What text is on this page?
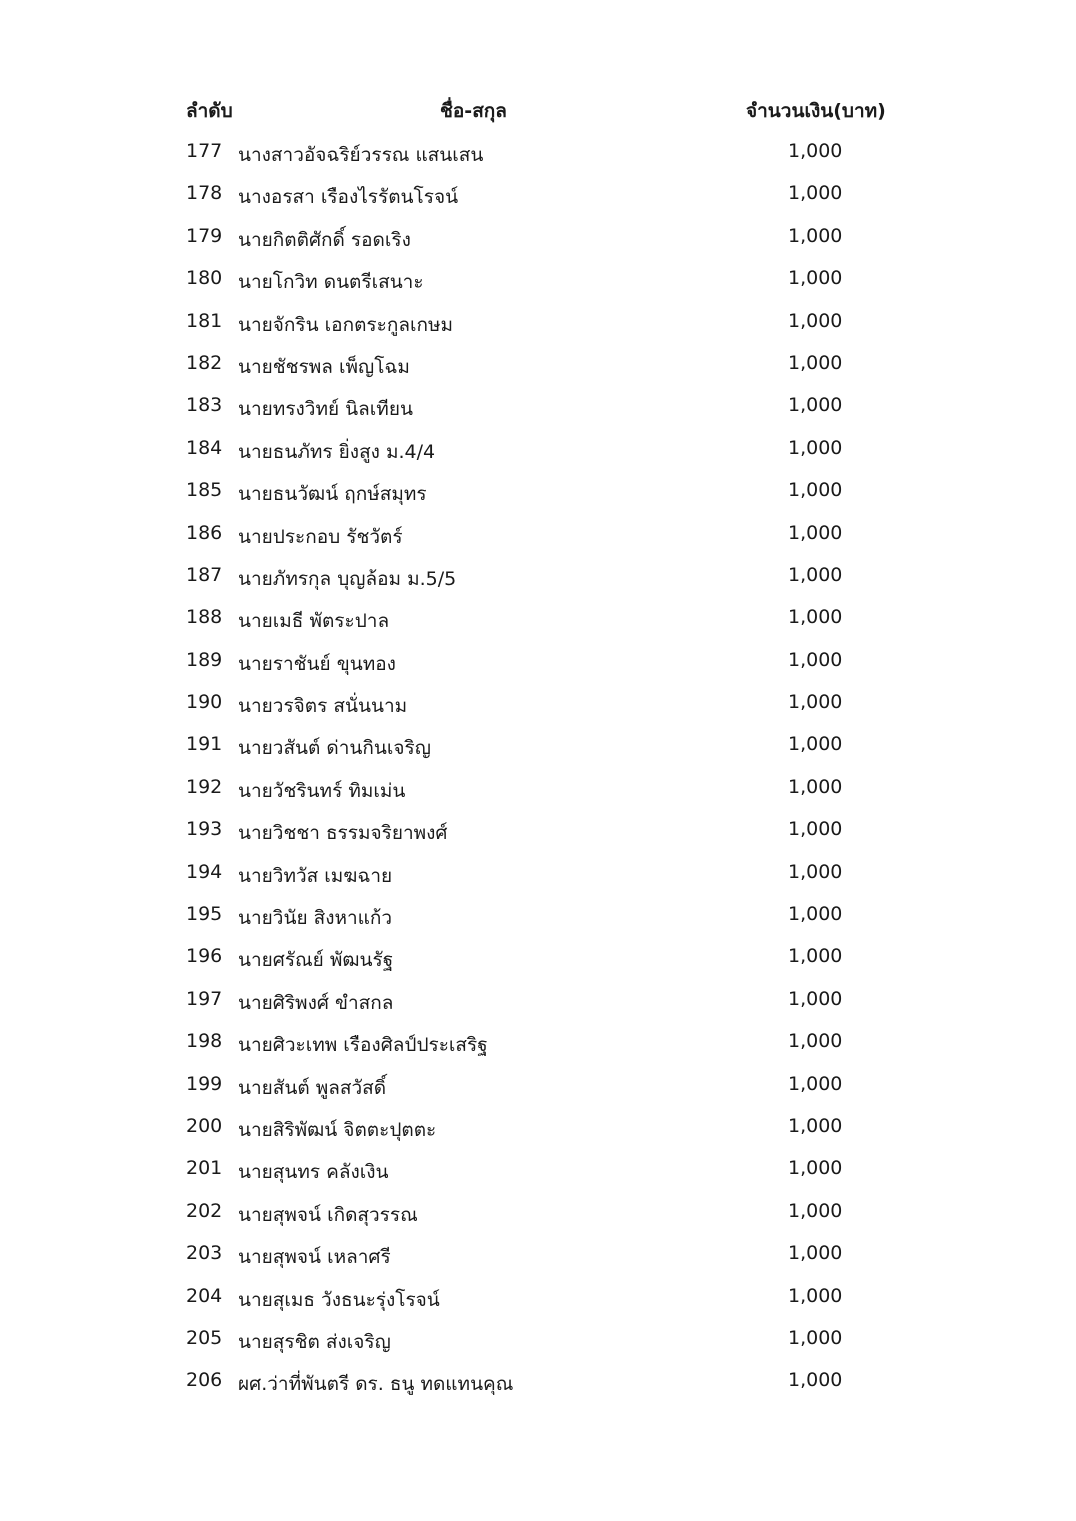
ลำดับ	ชื่อ-สกุล	จำนวนเงิน(บาท)
177 นางสาวอัจฉริย์วรรณ แสนเสน	1,000
178 นางอรสา เรืองไรรัตนโรจน์	1,000
179 นายกิตติศักดิ์ รอดเริง	1,000
180 นายโกวิท ดนตรีเสนาะ	1,000
181 นายจักริน เอกตระกูลเกษม	1,000
182 นายชัชรพล เพ็ญโฉม	1,000
183 นายทรงวิทย์ นิลเทียน	1,000
184 นายธนภัทร ยิ่งสูง ม.4/4	1,000
185 นายธนวัฒน์ ฤกษ์สมุทร	1,000
186 นายประกอบ รัชวัตร์	1,000
187 นายภัทรกุล บุญล้อม ม.5/5	1,000
188 นายเมธี พัตระปาล	1,000
189 นายราชันย์ ขุนทอง	1,000
190 นายวรจิตร สนั่นนาม	1,000
191 นายวสันต์ ด่านกินเจริญ	1,000
192 นายวัชรินทร์ ทิมเม่น	1,000
193 นายวิชชา ธรรมจริยาพงศ์	1,000
194 นายวิทวัส เมฆฉาย	1,000
195 นายวินัย สิงหาแก้ว	1,000
196 นายศรัณย์ พัฒนรัฐ	1,000
197 นายศิริพงศ์ ขำสกล	1,000
198 นายศิวะเทพ เรืองศิลป์ประเสริฐ	1,000
199 นายสันต์ พูลสวัสดิ์	1,000
200 นายสิริพัฒน์ จิตตะปุตตะ	1,000
201 นายสุนทร คลังเงิน	1,000
202 นายสุพจน์ เกิดสุวรรณ	1,000
203 นายสุพจน์ เหลาศรี	1,000
204 นายสุเมธ วังธนะรุ่งโรจน์	1,000
205 นายสุรชิต ส่งเจริญ	1,000
206 ผศ.ว่าที่พันตรี ดร. ธนู ทดแทนคุณ	1,000
